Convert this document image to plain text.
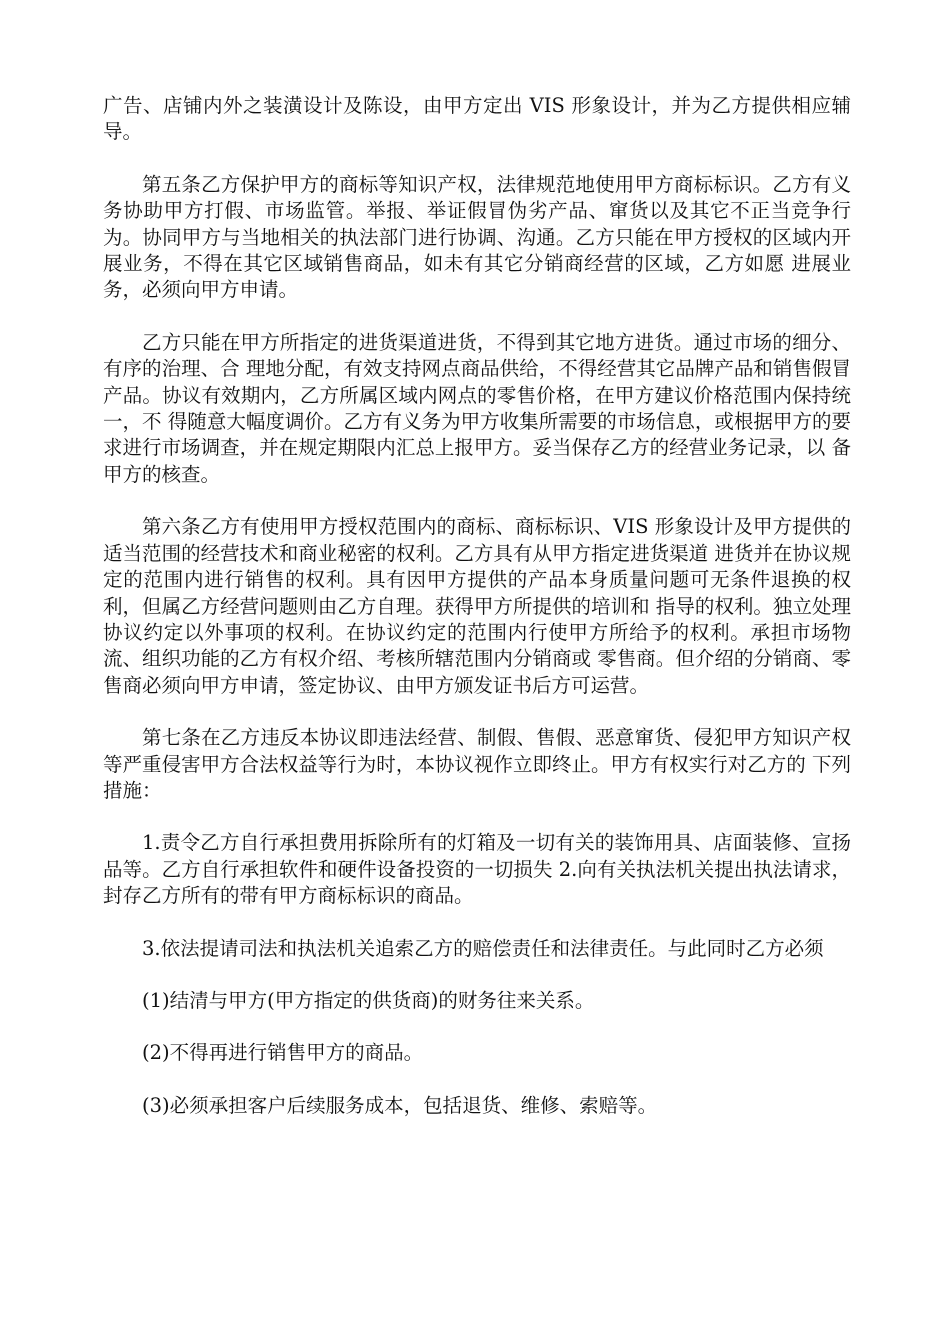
广告、店铺内外之装潢设计及陈设，由甲方定出 VIS 形象设计，并为乙方提供相应辅导。

第五条乙方保护甲方的商标等知识产权，法律规范地使用甲方商标标识。乙方有义务协助甲方打假、市场监管。举报、举证假冒伪劣产品、窜货以及其它不正当竞争行 为。协同甲方与当地相关的执法部门进行协调、沟通。乙方只能在甲方授权的区域内开展业务，不得在其它区域销售商品，如未有其它分销商经营的区域，乙方如愿 进展业务，必须向甲方申请。

乙方只能在甲方所指定的进货渠道进货，不得到其它地方进货。通过市场的细分、有序的治理、合 理地分配，有效支持网点商品供给，不得经营其它品牌产品和销售假冒产品。协议有效期内，乙方所属区域内网点的零售价格，在甲方建议价格范围内保持统一，不 得随意大幅度调价。乙方有义务为甲方收集所需要的市场信息，或根据甲方的要求进行市场调查，并在规定期限内汇总上报甲方。妥当保存乙方的经营业务记录，以 备甲方的核查。

第六条乙方有使用甲方授权范围内的商标、商标标识、VIS 形象设计及甲方提供的适当范围的经营技术和商业秘密的权利。乙方具有从甲方指定进货渠道 进货并在协议规定的范围内进行销售的权利。具有因甲方提供的产品本身质量问题可无条件退换的权利，但属乙方经营问题则由乙方自理。获得甲方所提供的培训和 指导的权利。独立处理协议约定以外事项的权利。在协议约定的范围内行使甲方所给予的权利。承担市场物流、组织功能的乙方有权介绍、考核所辖范围内分销商或 零售商。但介绍的分销商、零售商必须向甲方申请，签定协议、由甲方颁发证书后方可运营。

第七条在乙方违反本协议即违法经营、制假、售假、恶意窜货、侵犯甲方知识产权等严重侵害甲方合法权益等行为时，本协议视作立即终止。甲方有权实行对乙方的 下列措施：

1.责令乙方自行承担费用拆除所有的灯箱及一切有关的装饰用具、店面装修、宣扬品等。乙方自行承担软件和硬件设备投资的一切损失 2.向有关执法机关提出执法请求，封存乙方所有的带有甲方商标标识的商品。

3.依法提请司法和执法机关追索乙方的赔偿责任和法律责任。与此同时乙方必须

(1)结清与甲方(甲方指定的供货商)的财务往来关系。

(2)不得再进行销售甲方的商品。

(3)必须承担客户后续服务成本，包括退货、维修、索赔等。
